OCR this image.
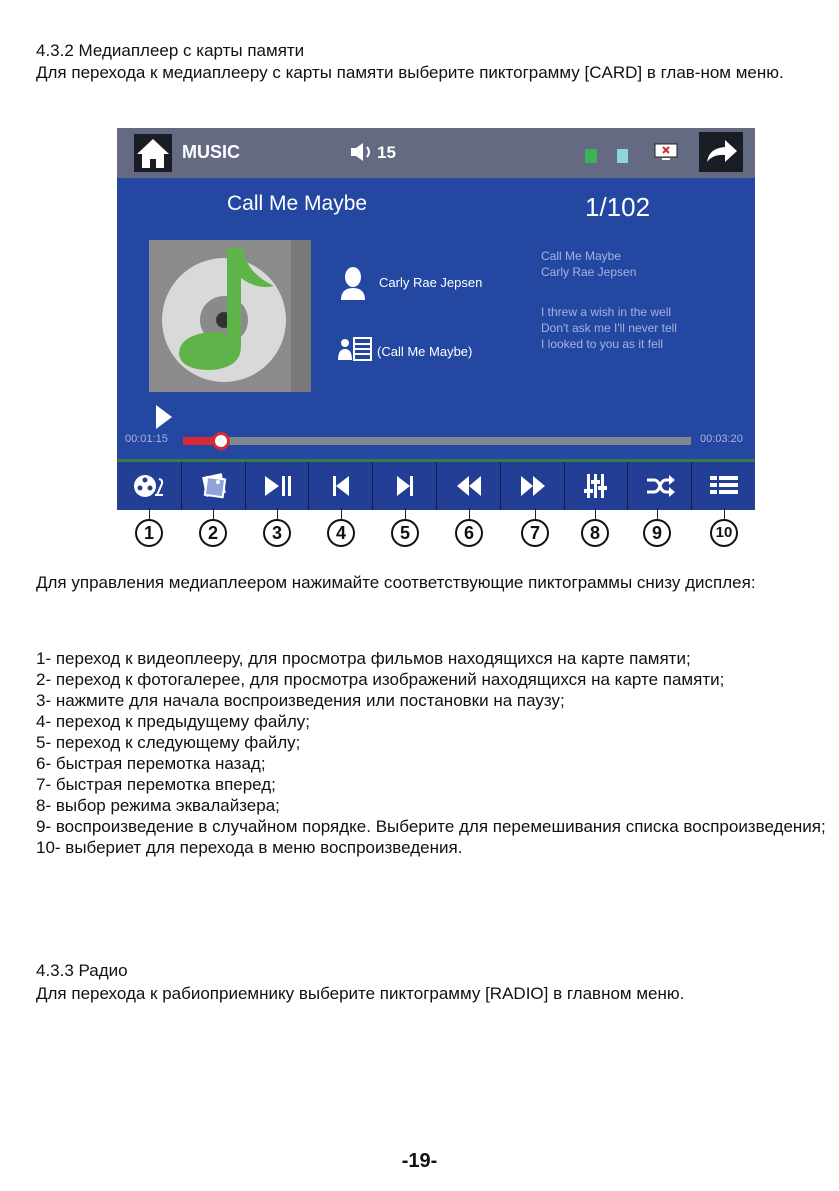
4.3.2 Медиаплеер с карты памяти

Для перехода к медиаплееру с карты памяти выберите пиктограмму [CARD] в глав-ном меню.

MUSIC	15
Call Me Maybe	1/102
Carly Rae Jepsen
(Call Me Maybe)
Call Me Maybe
Carly Rae Jepsen
I threw a wish in the well
Don't ask me I'll never tell
I looked to you as it fell
00:01:15	00:03:20
1	2	3	4	5	6	7	8	9	10

Для управления медиаплеером нажимайте соответствующие пиктограммы снизу дисплея:

1- переход к видеоплееру, для просмотра фильмов находящихся на карте памяти;
2- переход к фотогалерее, для просмотра изображений находящихся на карте памяти;
3- нажмите для начала воспроизведения или постановки на паузу;
4- переход к предыдущему файлу;
5- переход к следующему файлу;
6- быстрая перемотка назад;
7- быстрая перемотка вперед;
8- выбор режима эквалайзера;
9- воспроизведение в случайном порядке. Выберите для перемешивания списка воспроизведения;
10- выбериет для перехода в меню воспроизведения.

4.3.3 Радио

Для перехода к рабиоприемнику выберите пиктограмму [RADIO] в главном меню.

-19-
